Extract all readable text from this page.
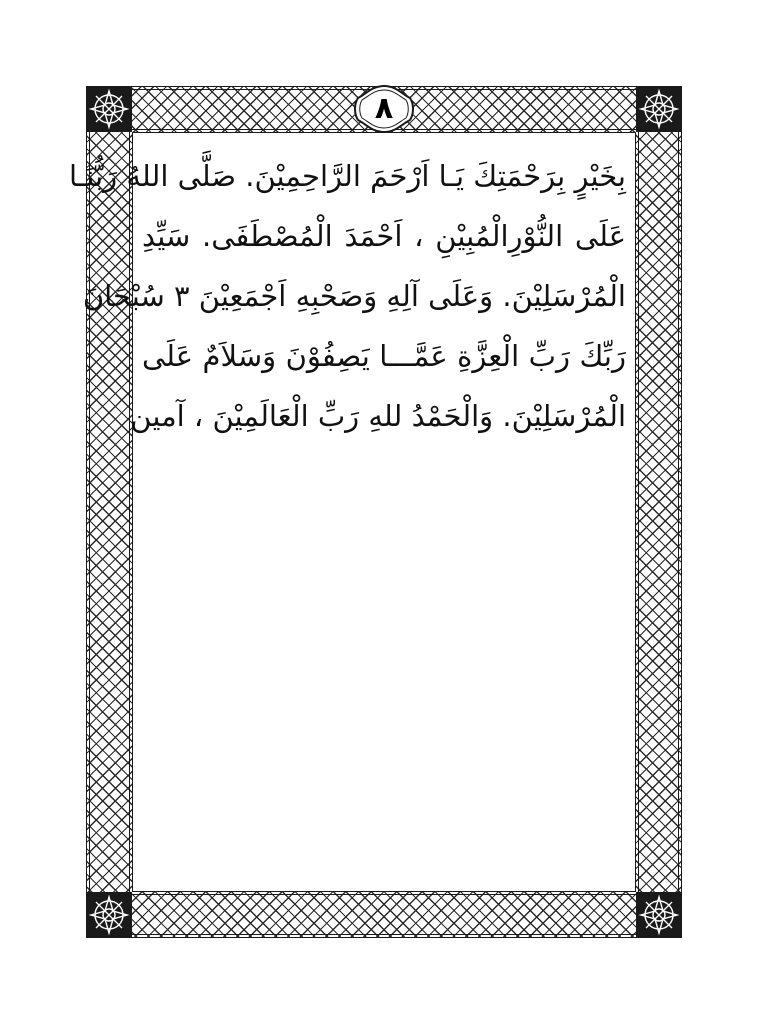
٨
بِخَيْرٍ بِرَحْمَتِكَ يَـا اَرْحَمَ الرَّاحِمِيْنَ. صَلَّى اللهُ رَبُّنَـا
عَلَى النُّوْرِالْمُبِيْنِ ، اَحْمَدَ الْمُصْطَفَى. سَيِّدِ
الْمُرْسَلِيْنَ. وَعَلَى آلِهِ وَصَحْبِهِ اَجْمَعِيْنَ ٣ سُبْحَانَ
رَبِّكَ رَبِّ الْعِزَّةِ عَمَّـــا يَصِفُوْنَ وَسَلاَمٌ عَلَى
الْمُرْسَلِيْنَ. وَالْحَمْدُ للهِ رَبِّ الْعَالَمِيْنَ ، آمين
